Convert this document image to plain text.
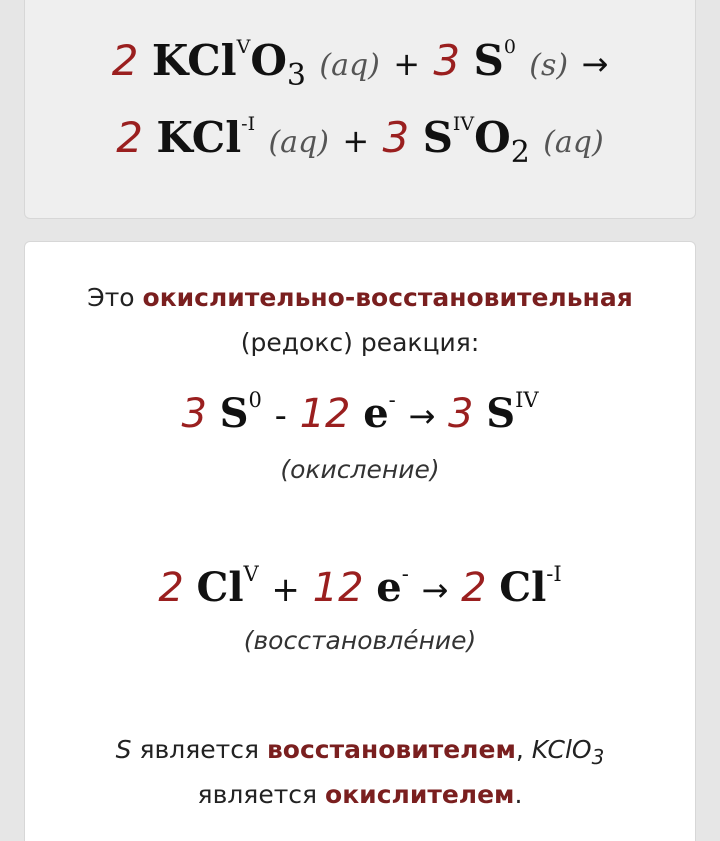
2 $KCl^VO_3$ (aq) + 3 $S^0$ (s) →
2 KCl$^{-I}$ (aq) + 3 $S^{IV}O_2$ (aq)
Это окислительно-восстановительная
(редокс) реакция:
3 $S^0 - 12$ e- → 3 $S^{IV}$
(окисление)
2 $Cl^V + 12$ e- → 2 $Cl^{-I}$
(восстановле́ние)
S является восстановителем, KClO$_3$
является окислителем.
